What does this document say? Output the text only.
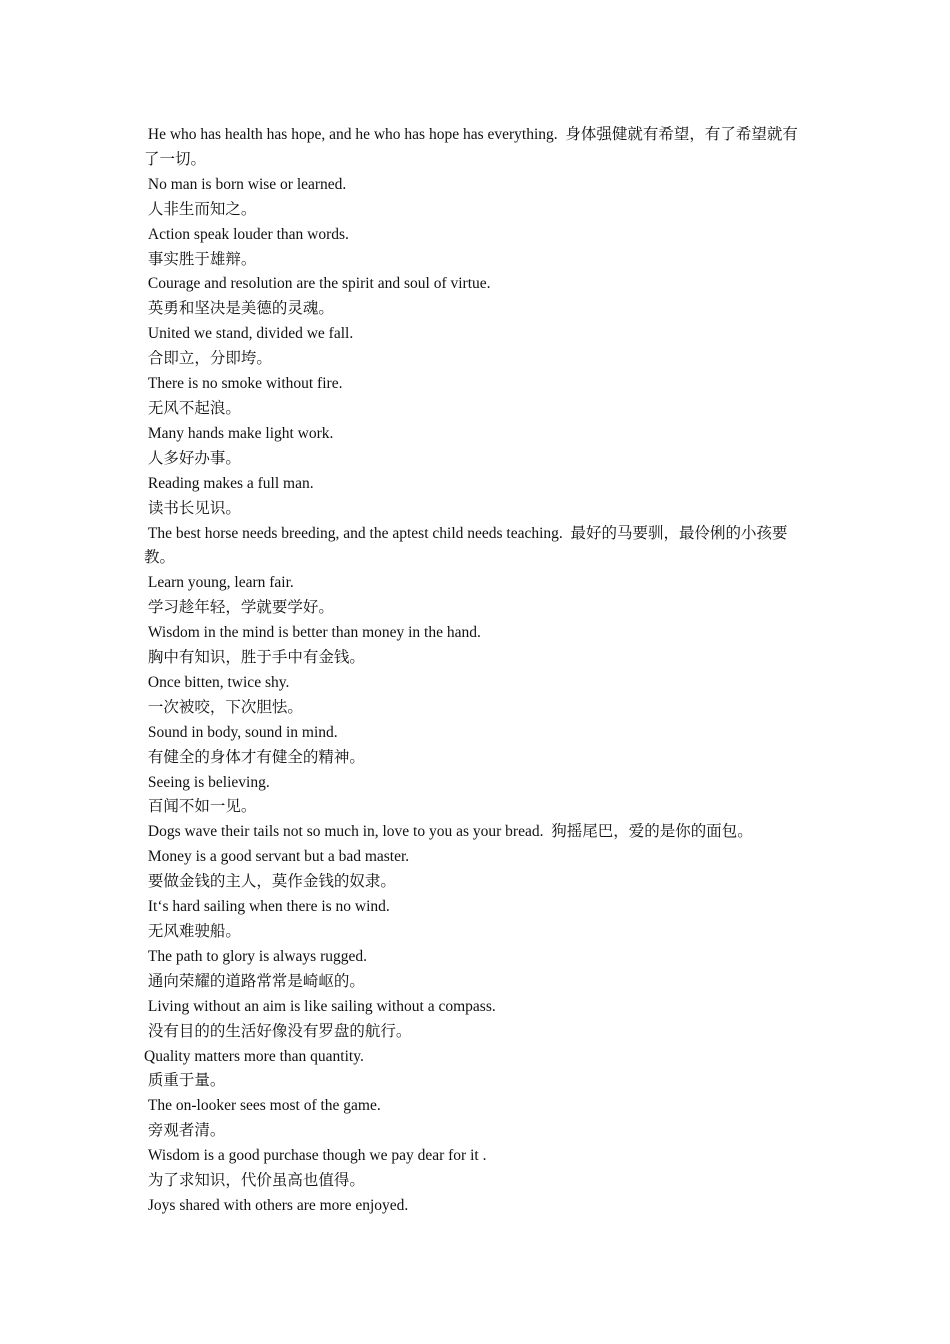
He who has health has hope, and he who has hope has everything.  身体强健就有希望，有了希望就有了一切。
No man is born wise or learned.
人非生而知之。
Action speak louder than words.
事实胜于雄辩。
Courage and resolution are the spirit and soul of virtue.
英勇和坚决是美德的灵魂。
United we stand, divided we fall.
合即立，分即垮。
There is no smoke without fire.
无风不起浪。
Many hands make light work.
人多好办事。
Reading makes a full man.
读书长见识。
The best horse needs breeding, and the aptest child needs teaching.  最好的马要驯，最伶俐的小孩要教。
Learn young, learn fair.
学习趁年轻，学就要学好。
Wisdom in the mind is better than money in the hand.
胸中有知识，胜于手中有金钱。
Once bitten, twice shy.
一次被咬，下次胆怯。
Sound in body, sound in mind.
有健全的身体才有健全的精神。
Seeing is believing.
百闻不如一见。
Dogs wave their tails not so much in, love to you as your bread.  狗摇尾巴，爱的是你的面包。
Money is a good servant but a bad master.
要做金钱的主人，莫作金钱的奴隶。
It‘s hard sailing when there is no wind.
无风难驶船。
The path to glory is always rugged.
通向荣耀的道路常常是崎岖的。
Living without an aim is like sailing without a compass.
没有目的的生活好像没有罗盘的航行。
Quality matters more than quantity.
质重于量。
The on-looker sees most of the game.
旁观者清。
Wisdom is a good purchase though we pay dear for it .
为了求知识，代价虽高也值得。
Joys shared with others are more enjoyed.
